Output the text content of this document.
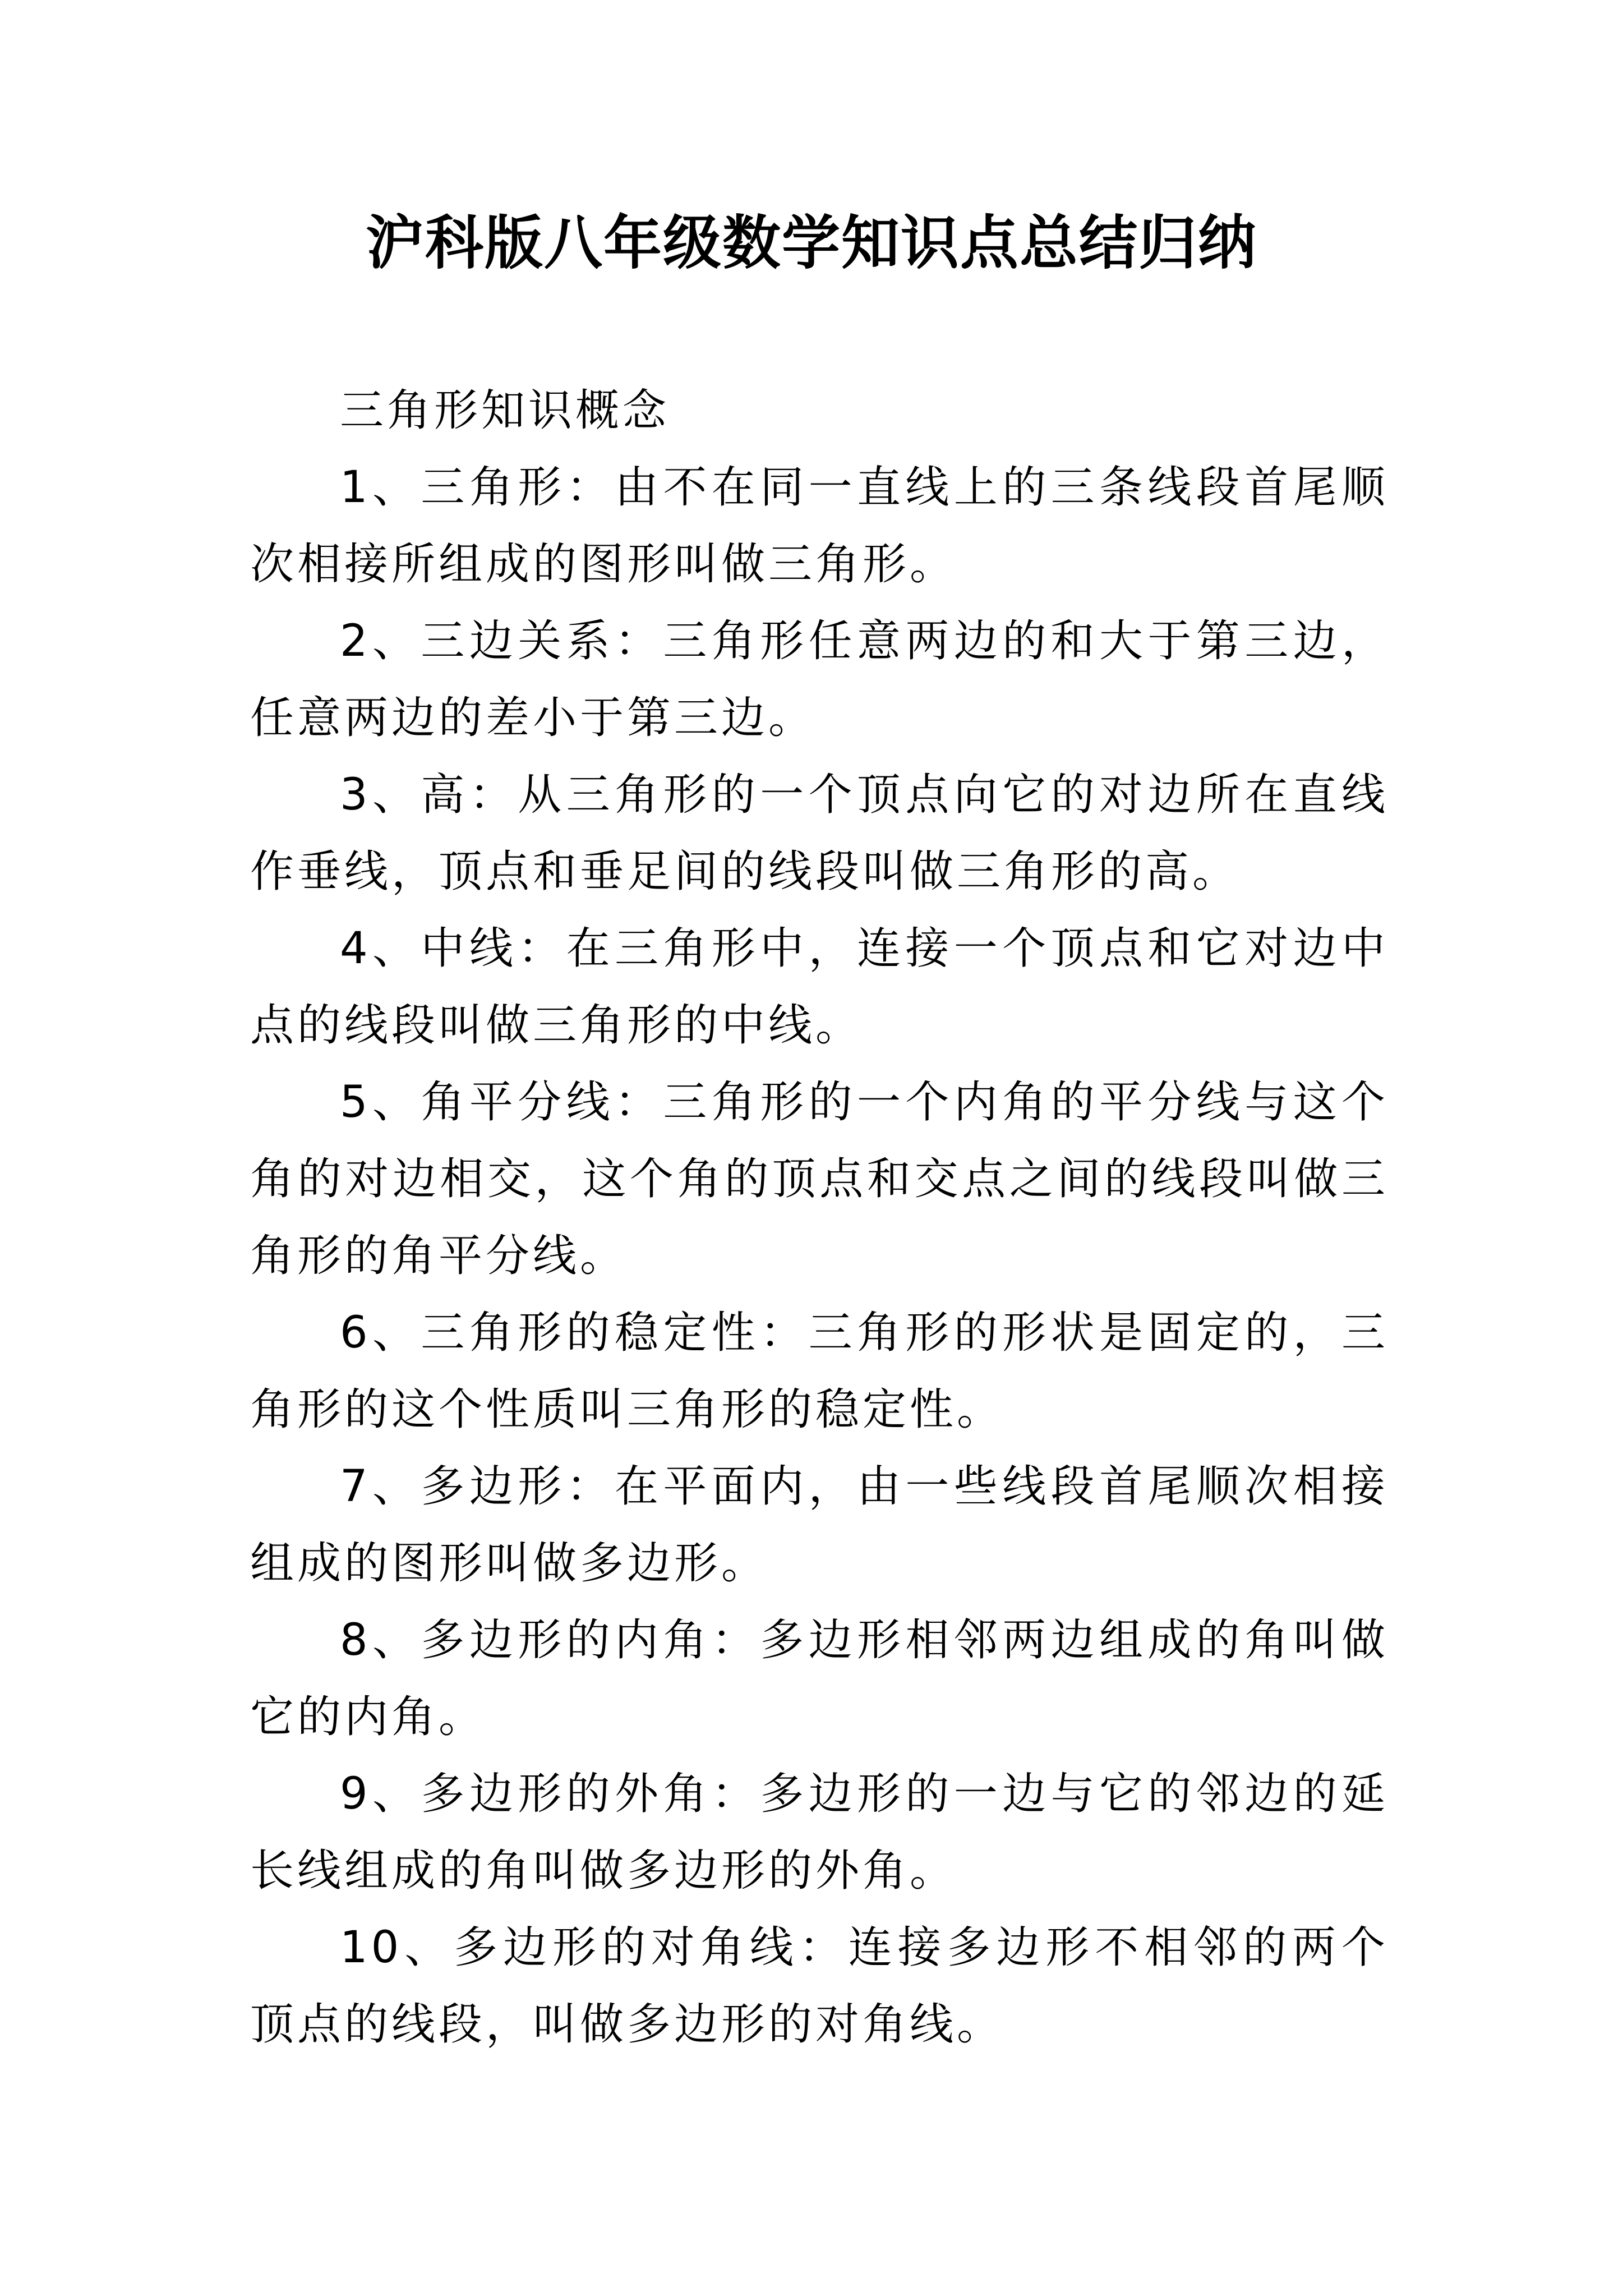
沪科版八年级数学知识点总结归纳
三角形知识概念

1、三角形：由不在同一直线上的三条线段首尾顺次相接所组成的图形叫做三角形。

2、三边关系：三角形任意两边的和大于第三边，任意两边的差小于第三边。

3、高：从三角形的一个顶点向它的对边所在直线作垂线，顶点和垂足间的线段叫做三角形的高。

4、中线：在三角形中，连接一个顶点和它对边中点的线段叫做三角形的中线。

5、角平分线：三角形的一个内角的平分线与这个角的对边相交，这个角的顶点和交点之间的线段叫做三角形的角平分线。

6、三角形的稳定性：三角形的形状是固定的，三角形的这个性质叫三角形的稳定性。

7、多边形：在平面内，由一些线段首尾顺次相接组成的图形叫做多边形。

8、多边形的内角：多边形相邻两边组成的角叫做它的内角。

9、多边形的外角：多边形的一边与它的邻边的延长线组成的角叫做多边形的外角。

10、多边形的对角线：连接多边形不相邻的两个顶点的线段，叫做多边形的对角线。
